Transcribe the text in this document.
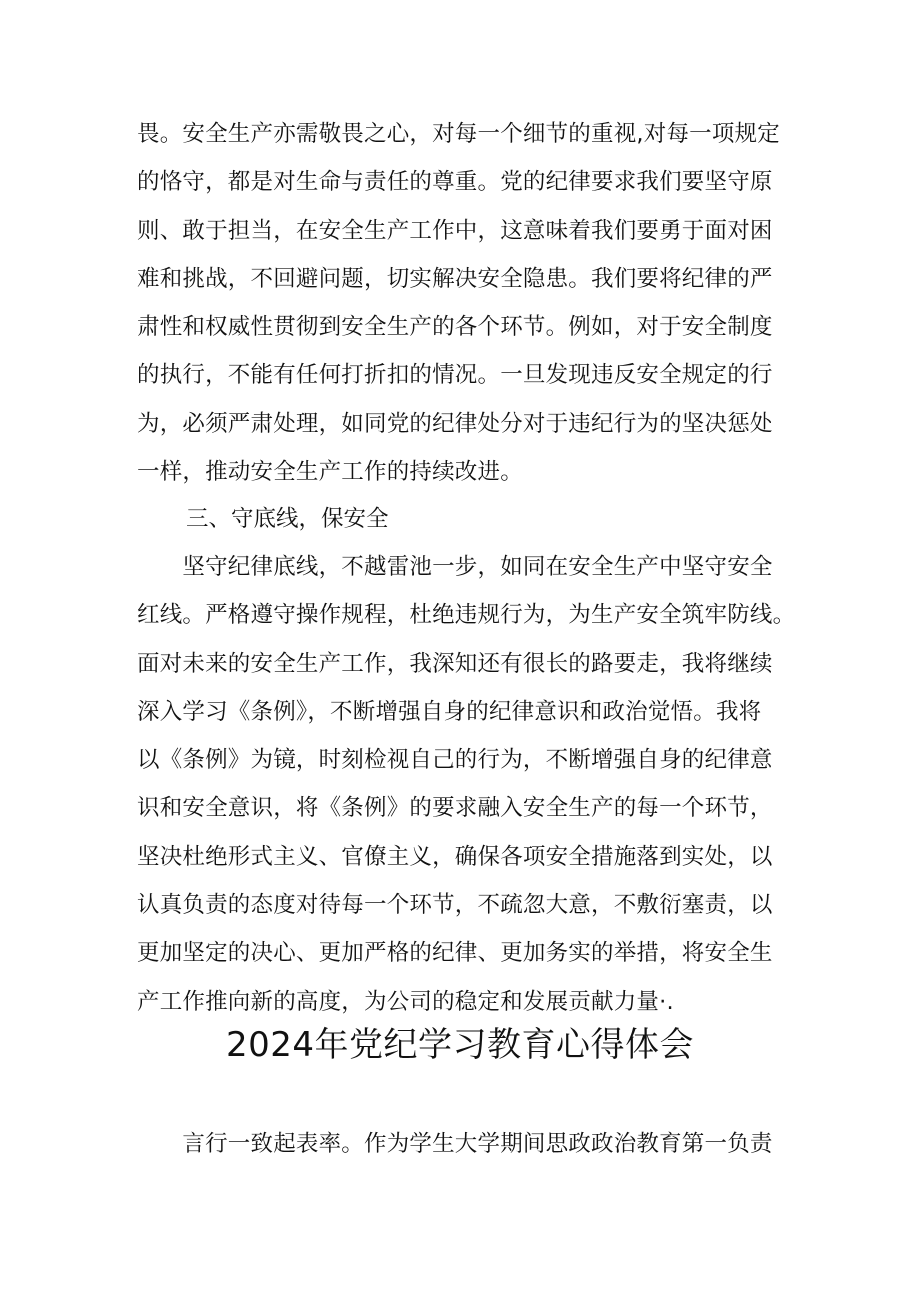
畏。安全生产亦需敬畏之心，对每一个细节的重视,对每一项规定
的恪守，都是对生命与责任的尊重。党的纪律要求我们要坚守原
则、敢于担当，在安全生产工作中，这意味着我们要勇于面对困
难和挑战，不回避问题，切实解决安全隐患。我们要将纪律的严
肃性和权威性贯彻到安全生产的各个环节。例如，对于安全制度
的执行，不能有任何打折扣的情况。一旦发现违反安全规定的行
为，必须严肃处理，如同党的纪律处分对于违纪行为的坚决惩处
一样，推动安全生产工作的持续改进。

三、守底线，保安全

　　坚守纪律底线，不越雷池一步，如同在安全生产中坚守安全
红线。严格遵守操作规程，杜绝违规行为，为生产安全筑牢防线。
面对未来的安全生产工作，我深知还有很长的路要走，我将继续
深入学习《条例》，不断增强自身的纪律意识和政治觉悟。我将
以《条例》为镜，时刻检视自己的行为，不断增强自身的纪律意
识和安全意识，将《条例》的要求融入安全生产的每一个环节，
坚决杜绝形式主义、官僚主义，确保各项安全措施落到实处，以
认真负责的态度对待每一个环节，不疏忽大意，不敷衍塞责，以
更加坚定的决心、更加严格的纪律、更加务实的举措，将安全生
产工作推向新的高度，为公司的稳定和发展贡献力量·.

2024年党纪学习教育心得体会

　　言行一致起表率。作为学生大学期间思政政治教育第一负责
